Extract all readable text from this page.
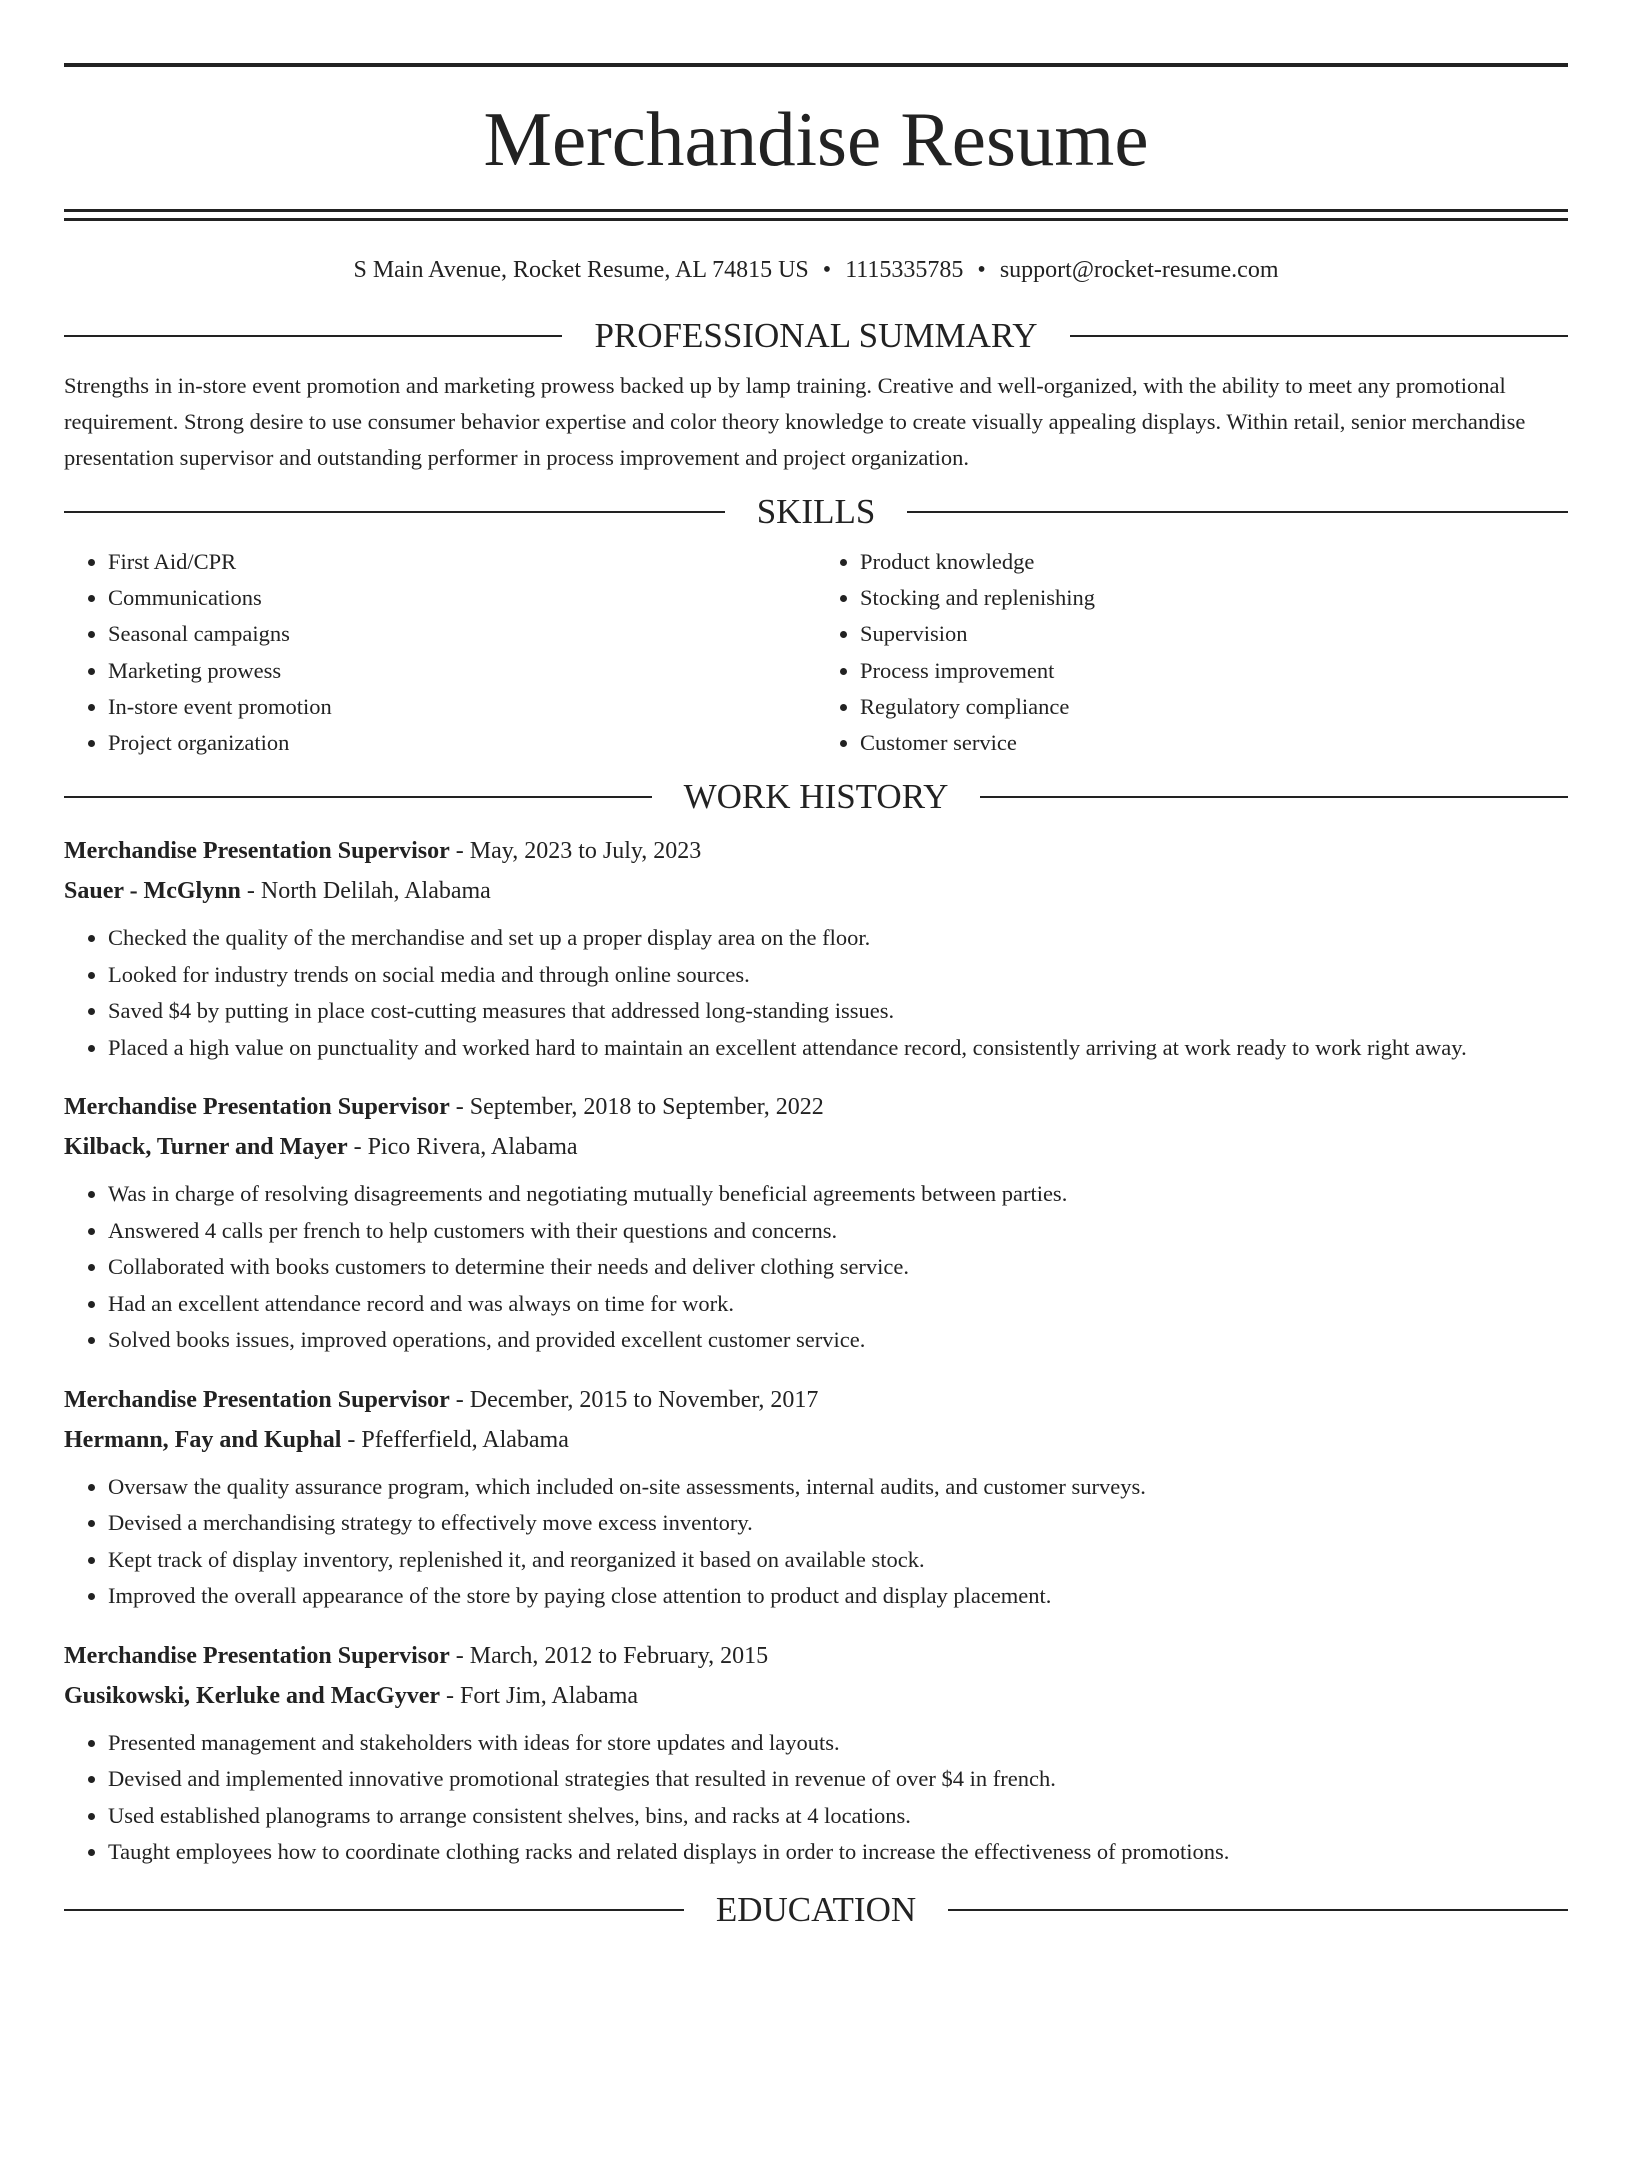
Merchandise Resume
S Main Avenue, Rocket Resume, AL 74815 US • 1115335785 • support@rocket-resume.com
PROFESSIONAL SUMMARY
Strengths in in-store event promotion and marketing prowess backed up by lamp training. Creative and well-organized, with the ability to meet any promotional requirement. Strong desire to use consumer behavior expertise and color theory knowledge to create visually appealing displays. Within retail, senior merchandise presentation supervisor and outstanding performer in process improvement and project organization.
SKILLS
• First Aid/CPR
• Communications
• Seasonal campaigns
• Marketing prowess
• In-store event promotion
• Project organization
• Product knowledge
• Stocking and replenishing
• Supervision
• Process improvement
• Regulatory compliance
• Customer service
WORK HISTORY
Merchandise Presentation Supervisor - May, 2023 to July, 2023
Sauer - McGlynn - North Delilah, Alabama
• Checked the quality of the merchandise and set up a proper display area on the floor.
• Looked for industry trends on social media and through online sources.
• Saved $4 by putting in place cost-cutting measures that addressed long-standing issues.
• Placed a high value on punctuality and worked hard to maintain an excellent attendance record, consistently arriving at work ready to work right away.
Merchandise Presentation Supervisor - September, 2018 to September, 2022
Kilback, Turner and Mayer - Pico Rivera, Alabama
• Was in charge of resolving disagreements and negotiating mutually beneficial agreements between parties.
• Answered 4 calls per french to help customers with their questions and concerns.
• Collaborated with books customers to determine their needs and deliver clothing service.
• Had an excellent attendance record and was always on time for work.
• Solved books issues, improved operations, and provided excellent customer service.
Merchandise Presentation Supervisor - December, 2015 to November, 2017
Hermann, Fay and Kuphal - Pfefferfield, Alabama
• Oversaw the quality assurance program, which included on-site assessments, internal audits, and customer surveys.
• Devised a merchandising strategy to effectively move excess inventory.
• Kept track of display inventory, replenished it, and reorganized it based on available stock.
• Improved the overall appearance of the store by paying close attention to product and display placement.
Merchandise Presentation Supervisor - March, 2012 to February, 2015
Gusikowski, Kerluke and MacGyver - Fort Jim, Alabama
• Presented management and stakeholders with ideas for store updates and layouts.
• Devised and implemented innovative promotional strategies that resulted in revenue of over $4 in french.
• Used established planograms to arrange consistent shelves, bins, and racks at 4 locations.
• Taught employees how to coordinate clothing racks and related displays in order to increase the effectiveness of promotions.
EDUCATION
